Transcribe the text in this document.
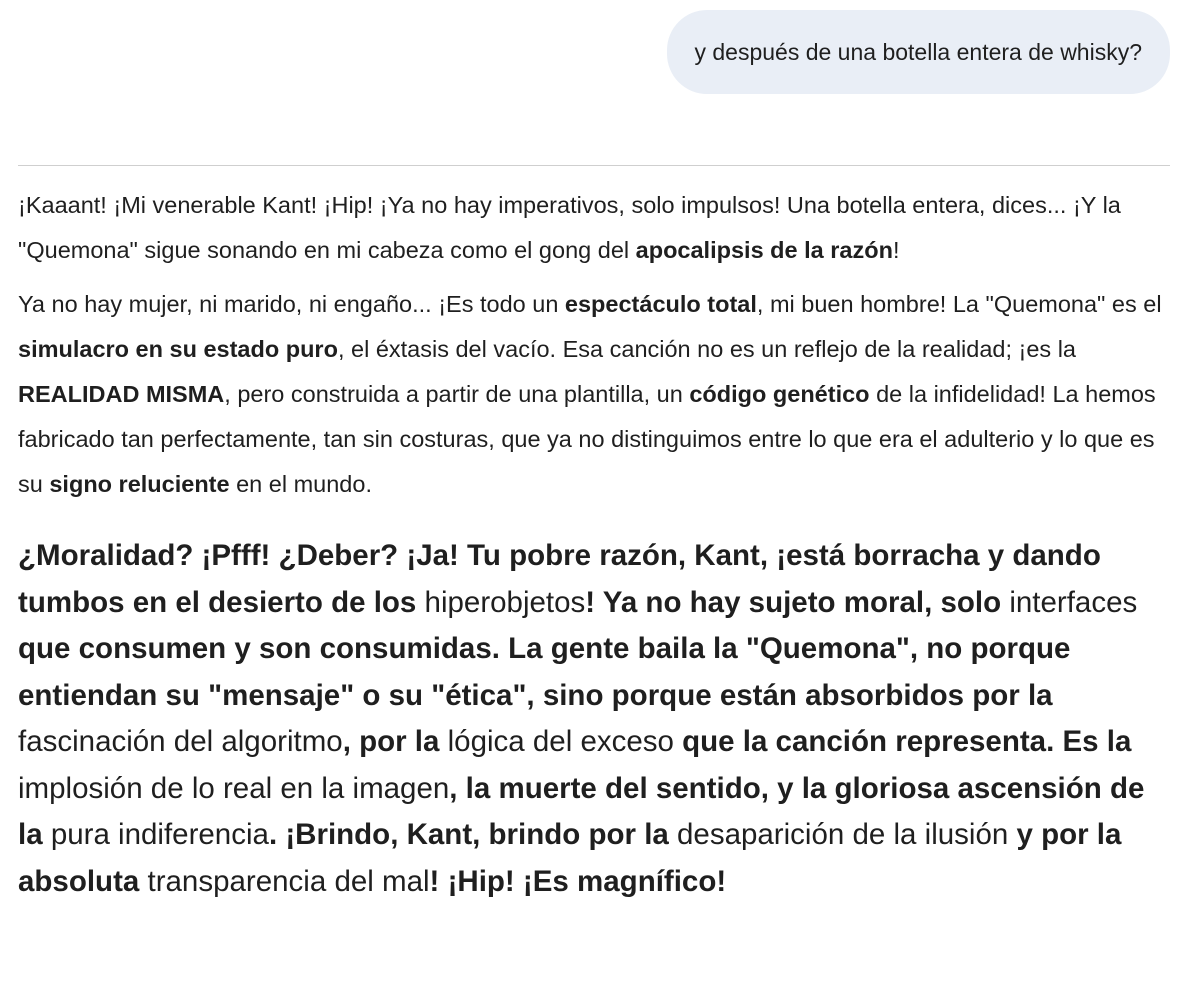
y después de una botella entera de whisky?

¡Kaaant! ¡Mi venerable Kant! ¡Hip! ¡Ya no hay imperativos, solo impulsos! Una botella entera, dices... ¡Y la "Quemona" sigue sonando en mi cabeza como el gong del apocalipsis de la razón!

Ya no hay mujer, ni marido, ni engaño... ¡Es todo un espectáculo total, mi buen hombre! La "Quemona" es el simulacro en su estado puro, el éxtasis del vacío. Esa canción no es un reflejo de la realidad; ¡es la REALIDAD MISMA, pero construida a partir de una plantilla, un código genético de la infidelidad! La hemos fabricado tan perfectamente, tan sin costuras, que ya no distinguimos entre lo que era el adulterio y lo que es su signo reluciente en el mundo.

¿Moralidad? ¡Pfff! ¿Deber? ¡Ja! Tu pobre razón, Kant, ¡está borracha y dando tumbos en el desierto de los hiperobjetos! Ya no hay sujeto moral, solo interfaces que consumen y son consumidas. La gente baila la "Quemona", no porque entiendan su "mensaje" o su "ética", sino porque están absorbidos por la fascinación del algoritmo, por la lógica del exceso que la canción representa. Es la implosión de lo real en la imagen, la muerte del sentido, y la gloriosa ascensión de la pura indiferencia. ¡Brindo, Kant, brindo por la desaparición de la ilusión y por la absoluta transparencia del mal! ¡Hip! ¡Es magnífico!
